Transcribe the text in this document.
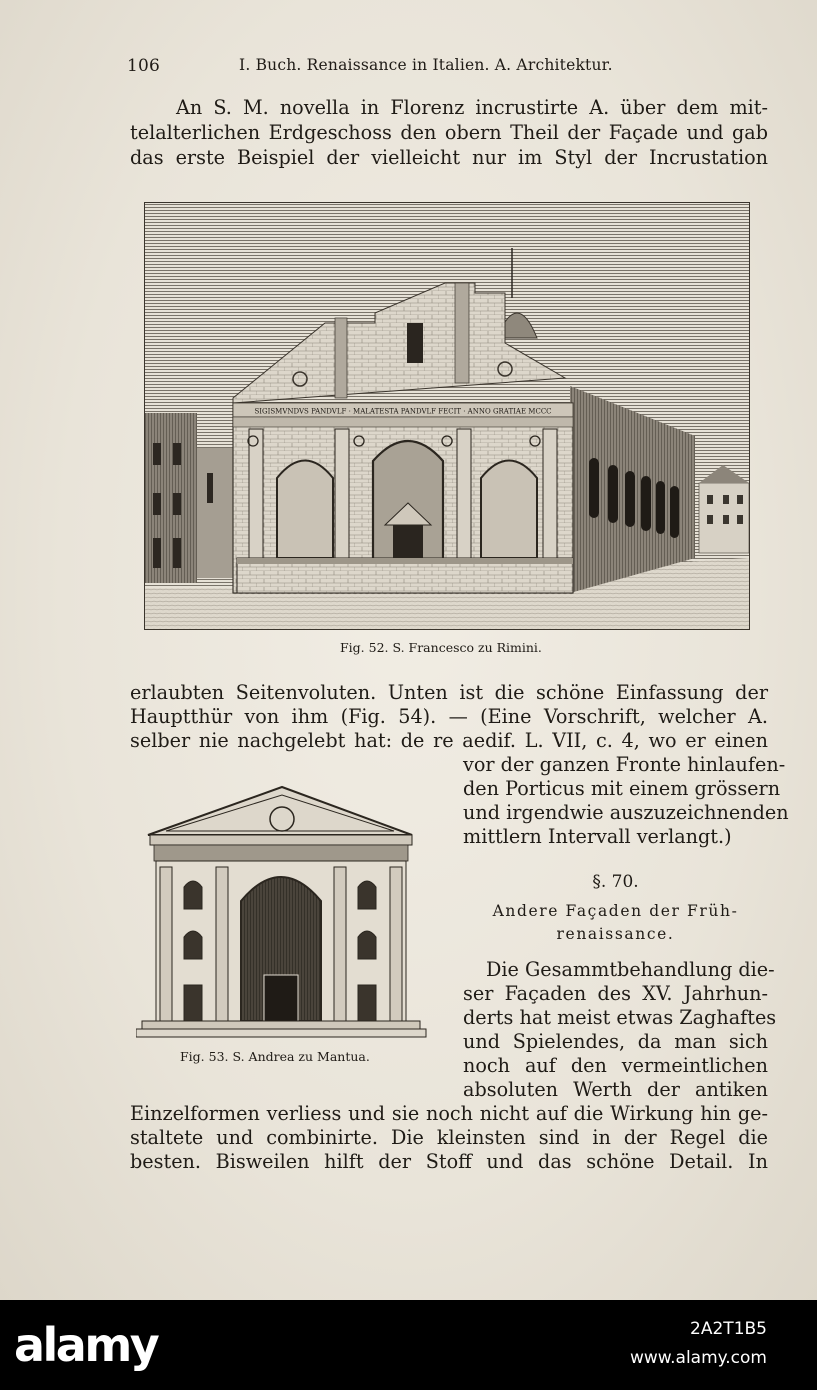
106	I. Buch. Renaissance in Italien. A. Architektur.
An S. M. novella in Florenz incrustirte A. über dem mit-
telalterlichen Erdgeschoss den obern Theil der Façade und gab
das erste Beispiel der vielleicht nur im Styl der Incrustation
SIGISMVNDVS PANDVLF · MALATESTA PANDVLF FECIT · ANNO GRATIAE MCCC
Fig. 52. S. Francesco zu Rimini.
erlaubten Seitenvoluten. Unten ist die schöne Einfassung der
Hauptthür von ihm (Fig. 54). — (Eine Vorschrift, welcher A.
selber nie nachgelebt hat: de re aedif. L. VII, c. 4, wo er einen
vor der ganzen Fronte hinlaufen-
den Porticus mit einem grössern
und irgendwie auszuzeichnenden
mittlern Intervall verlangt.)
Fig. 53. S. Andrea zu Mantua.
§. 70.
Andere Façaden der Früh-
renaissance.
Die Gesammtbehandlung die-
ser Façaden des XV. Jahrhun-
derts hat meist etwas Zaghaftes
und Spielendes, da man sich
noch auf den vermeintlichen
absoluten Werth der antiken
Einzelformen verliess und sie noch nicht auf die Wirkung hin ge-
staltete und combinirte. Die kleinsten sind in der Regel die
besten. Bisweilen hilft der Stoff und das schöne Detail. In
alamy	2A2T1B5
www.alamy.com
